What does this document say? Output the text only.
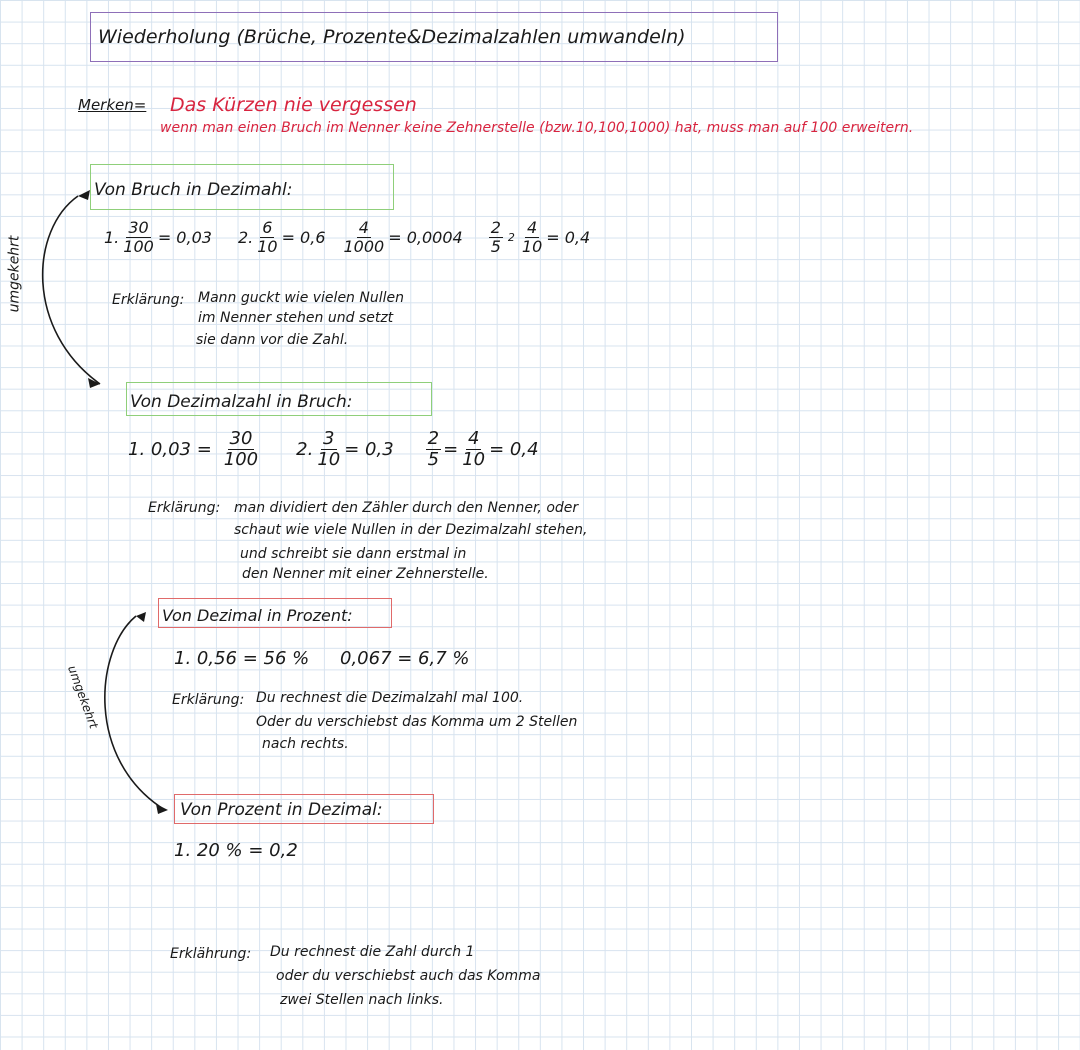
Wiederholung (Brüche, Prozente&Dezimalzahlen umwandeln)
Merken= Das Kürzen nie vergessen
wenn man einen Bruch im Nenner keine Zehnerstelle (bzw.10,100,1000) hat, muss man auf 100 erweitern.
umgekehrt
umgekehrt
Von Bruch in Dezimahl:
1. $\frac{30}{100} = 0,03$ 2. $\frac{6}{10} = 0,6 \frac{4}{1000} = 0,0004 \frac{2}{5} 2 \frac{4}{10} = 0,4$
Erklärung: Mann guckt wie vielen Nullen
im Nenner stehen und setzt
sie dann vor die Zahl.
Von Dezimalzahl in Bruch:
1. $0,03 = \frac{30}{100} 2$. $\frac{3}{10} = 0,3 \frac{2}{5} = \frac{4}{10} = 0,4$
Erklärung: man dividiert den Zähler durch den Nenner, oder
schaut wie viele Nullen in der Dezimalzahl stehen,
und schreibt sie dann erstmal in
den Nenner mit einer Zehnerstelle.
Von Dezimal in Prozent:
1. 0,56 = 56 % 0,067 = 6,7 %
Erklärung: Du rechnest die Dezimalzahl mal 100.
Oder du verschiebst das Komma um 2 Stellen
nach rechts.
Von Prozent in Dezimal:
1. 20 % = 0,2
Erklährung: Du rechnest die Zahl durch 1
oder du verschiebst auch das Komma
zwei Stellen nach links.
